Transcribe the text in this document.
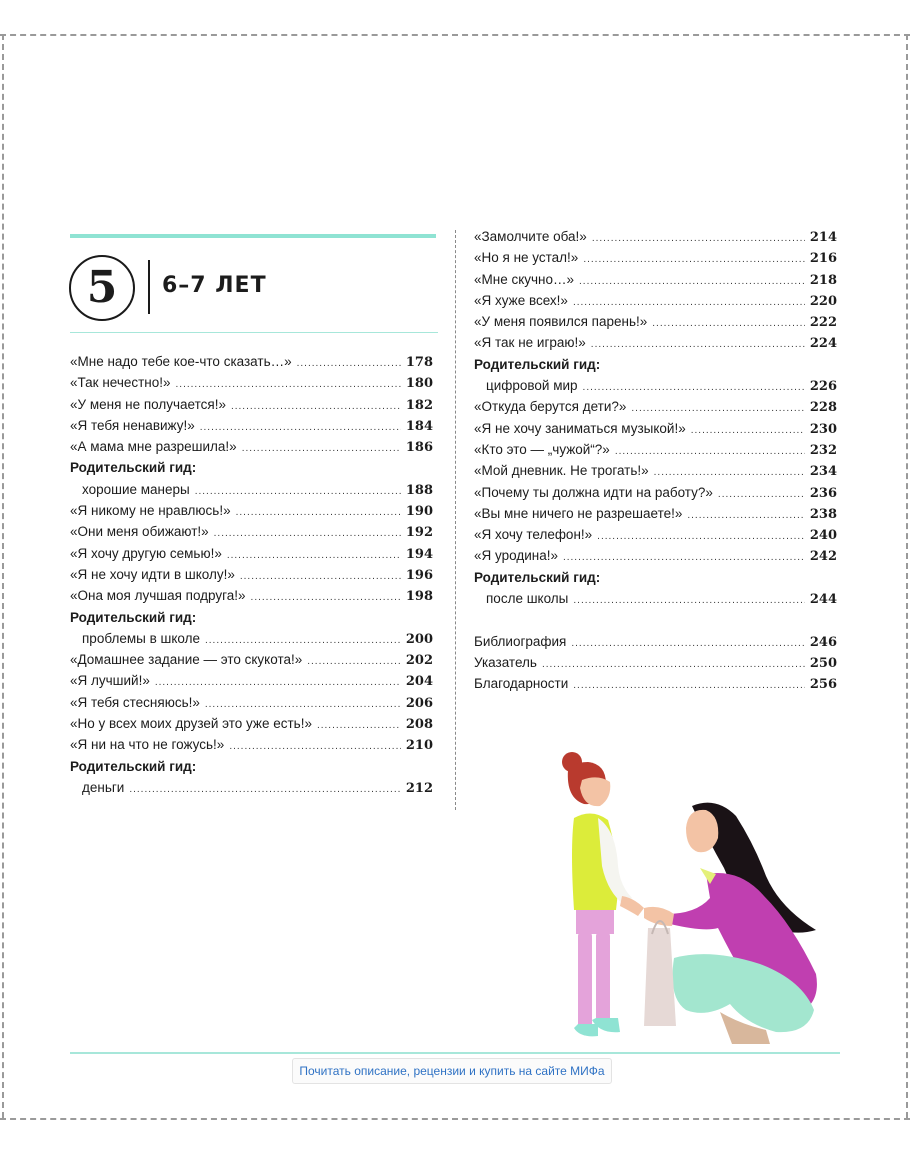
5 6–7 ЛЕТ
«Мне надо тебе кое-что сказать…» .....	178
«Так нечестно!» .....	180
«У меня не получается!» .....	182
«Я тебя ненавижу!» .....	184
«А мама мне разрешила!» .....	186
Родительский гид:
хорошие манеры .....	188
«Я никому не нравлюсь!» .....	190
«Они меня обижают!» .....	192
«Я хочу другую семью!» .....	194
«Я не хочу идти в школу!» .....	196
«Она моя лучшая подруга!» .....	198
Родительский гид:
проблемы в школе .....	200
«Домашнее задание — это скукота!» .....	202
«Я лучший!» .....	204
«Я тебя стесняюсь!» .....	206
«Но у всех моих друзей это уже есть!» .....	208
«Я ни на что не гожусь!» .....	210
Родительский гид:
деньги .....	212
«Замолчите оба!» .....	214
«Но я не устал!» .....	216
«Мне скучно…» .....	218
«Я хуже всех!» .....	220
«У меня появился парень!» .....	222
«Я так не играю!» .....	224
Родительский гид:
цифровой мир .....	226
«Откуда берутся дети?» .....	228
«Я не хочу заниматься музыкой!» .....	230
«Кто это — „чужой“?» .....	232
«Мой дневник. Не трогать!» .....	234
«Почему ты должна идти на работу?» .....	236
«Вы мне ничего не разрешаете!» .....	238
«Я хочу телефон!» .....	240
«Я уродина!» .....	242
Родительский гид:
после школы .....	244
Библиография .....	246
Указатель .....	250
Благодарности .....	256
Почитать описание, рецензии и купить на сайте МИФа
